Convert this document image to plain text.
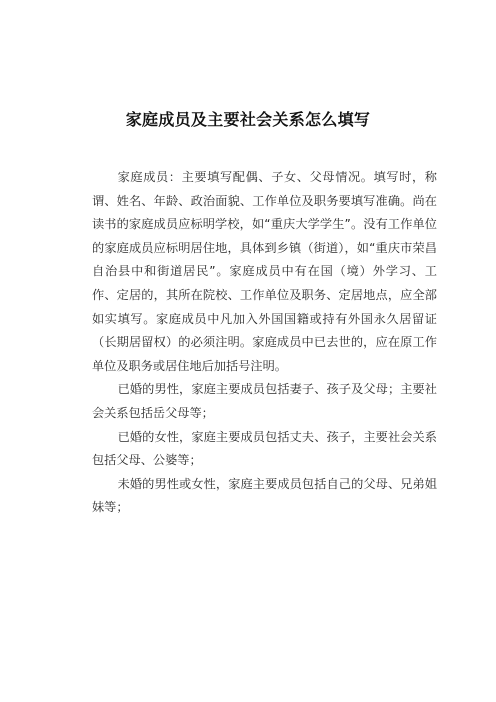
家庭成员及主要社会关系怎么填写

家庭成员：主要填写配偶、子女、父母情况。填写时，称谓、姓名、年龄、政治面貌、工作单位及职务要填写准确。尚在读书的家庭成员应标明学校，如“重庆大学学生”。没有工作单位的家庭成员应标明居住地，具体到乡镇（街道），如“重庆市荣昌自治县中和街道居民”。家庭成员中有在国（境）外学习、工作、定居的，其所在院校、工作单位及职务、定居地点，应全部如实填写。家庭成员中凡加入外国国籍或持有外国永久居留证（长期居留权）的必须注明。家庭成员中已去世的，应在原工作单位及职务或居住地后加括号注明。

已婚的男性，家庭主要成员包括妻子、孩子及父母；主要社会关系包括岳父母等；

已婚的女性，家庭主要成员包括丈夫、孩子，主要社会关系包括父母、公婆等；

未婚的男性或女性，家庭主要成员包括自己的父母、兄弟姐妹等；
